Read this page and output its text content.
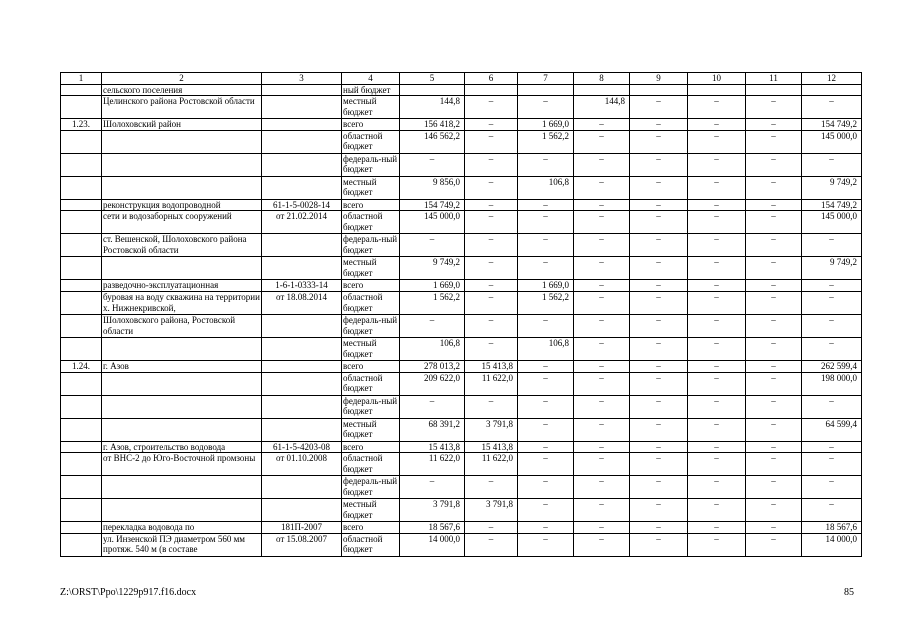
1	2	3	4	5	6	7	8	9	10	11	12
	сельского поселения		ный бюджет								
	Целинского района Ростовской области		местный бюджет	144,8	–	–	144,8	–	–	–	–
1.23.	Шолоховский район		всего	156 418,2	–	1 669,0	–	–	–	–	154 749,2
			областной бюджет	146 562,2	–	1 562,2	–	–	–	–	145 000,0
			федераль-ный бюджет	–	–	–	–	–	–	–	–
			местный бюджет	9 856,0	–	106,8	–	–	–	–	9 749,2
	реконструкция водопроводной	61-1-5-0028-14	всего	154 749,2	–	–	–	–	–	–	154 749,2
	сети и водозаборных сооружений	от 21.02.2014	областной бюджет	145 000,0	–	–	–	–	–	–	145 000,0
	ст. Вешенской, Шолоховского района Ростовской области		федераль-ный бюджет	–	–	–	–	–	–	–	–
			местный бюджет	9 749,2	–	–	–	–	–	–	9 749,2
	разведочно-эксплуатационная	1-6-1-0333-14	всего	1 669,0	–	1 669,0	–	–	–	–	–
	буровая на воду скважина на территории х. Нижнекривской,	от 18.08.2014	областной бюджет	1 562,2	–	1 562,2	–	–	–	–	–
	Шолоховского района, Ростовской области		федераль-ный бюджет	–	–	–	–	–	–	–	–
			местный бюджет	106,8	–	106,8	–	–	–	–	–
1.24.	г. Азов		всего	278 013,2	15 413,8	–	–	–	–	–	262 599,4
			областной бюджет	209 622,0	11 622,0	–	–	–	–	–	198 000,0
			федераль-ный бюджет	–	–	–	–	–	–	–	–
			местный бюджет	68 391,2	3 791,8	–	–	–	–	–	64 599,4
	г. Азов, строительство водовода	61-1-5-4203-08	всего	15 413,8	15 413,8	–	–	–	–	–	–
	от ВНС-2 до Юго-Восточной промзоны	от 01.10.2008	областной бюджет	11 622,0	11 622,0	–	–	–	–	–	–
			федераль-ный бюджет	–	–	–	–	–	–	–	–
			местный бюджет	3 791,8	3 791,8	–	–	–	–	–	–
	перекладка водовода по	181П-2007	всего	18 567,6	–	–	–	–	–	–	18 567,6
	ул. Инзенской ПЭ диаметром 560 мм протяж. 540 м (в составе	от 15.08.2007	областной бюджет	14 000,0	–	–	–	–	–	–	14 000,0
Z:\ORST\Ppo\1229p917.f16.docx	85
